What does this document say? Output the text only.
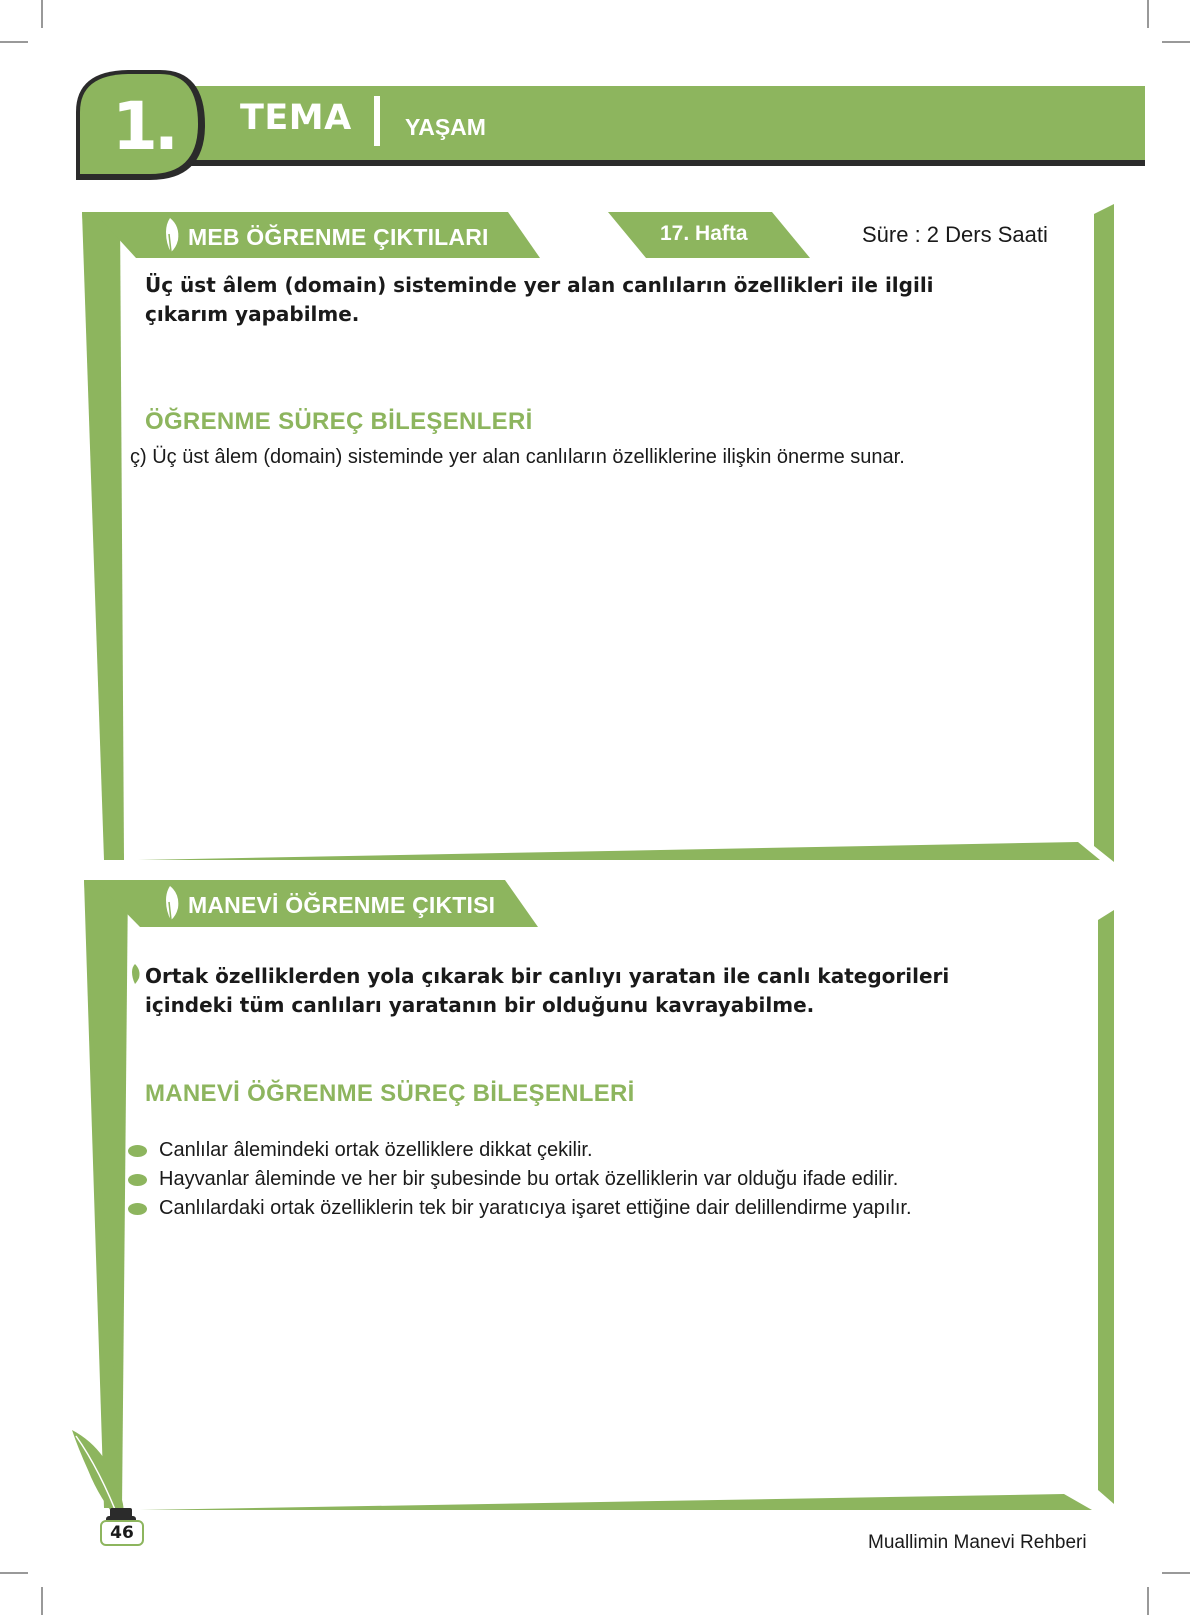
1.	TEMA YAŞAM
MEB ÖĞRENME ÇIKTILARI	17. Hafta	Süre : 2 Ders Saati
Üç üst âlem (domain) sisteminde yer alan canlıların özellikleri ile ilgili
çıkarım yapabilme.
ÖĞRENME SÜREÇ BİLEŞENLERİ
ç) Üç üst âlem (domain) sisteminde yer alan canlıların özelliklerine ilişkin önerme sunar.
MANEVİ ÖĞRENME ÇIKTISI
Ortak özelliklerden yola çıkarak bir canlıyı yaratan ile canlı kategorileri
içindeki tüm canlıları yaratanın bir olduğunu kavrayabilme.
MANEVİ ÖĞRENME SÜREÇ BİLEŞENLERİ
Canlılar âlemindeki ortak özelliklere dikkat çekilir.
Hayvanlar âleminde ve her bir şubesinde bu ortak özelliklerin var olduğu ifade edilir.
Canlılardaki ortak özelliklerin tek bir yaratıcıya işaret ettiğine dair delillendirme yapılır.
46	Muallimin Manevi Rehberi
